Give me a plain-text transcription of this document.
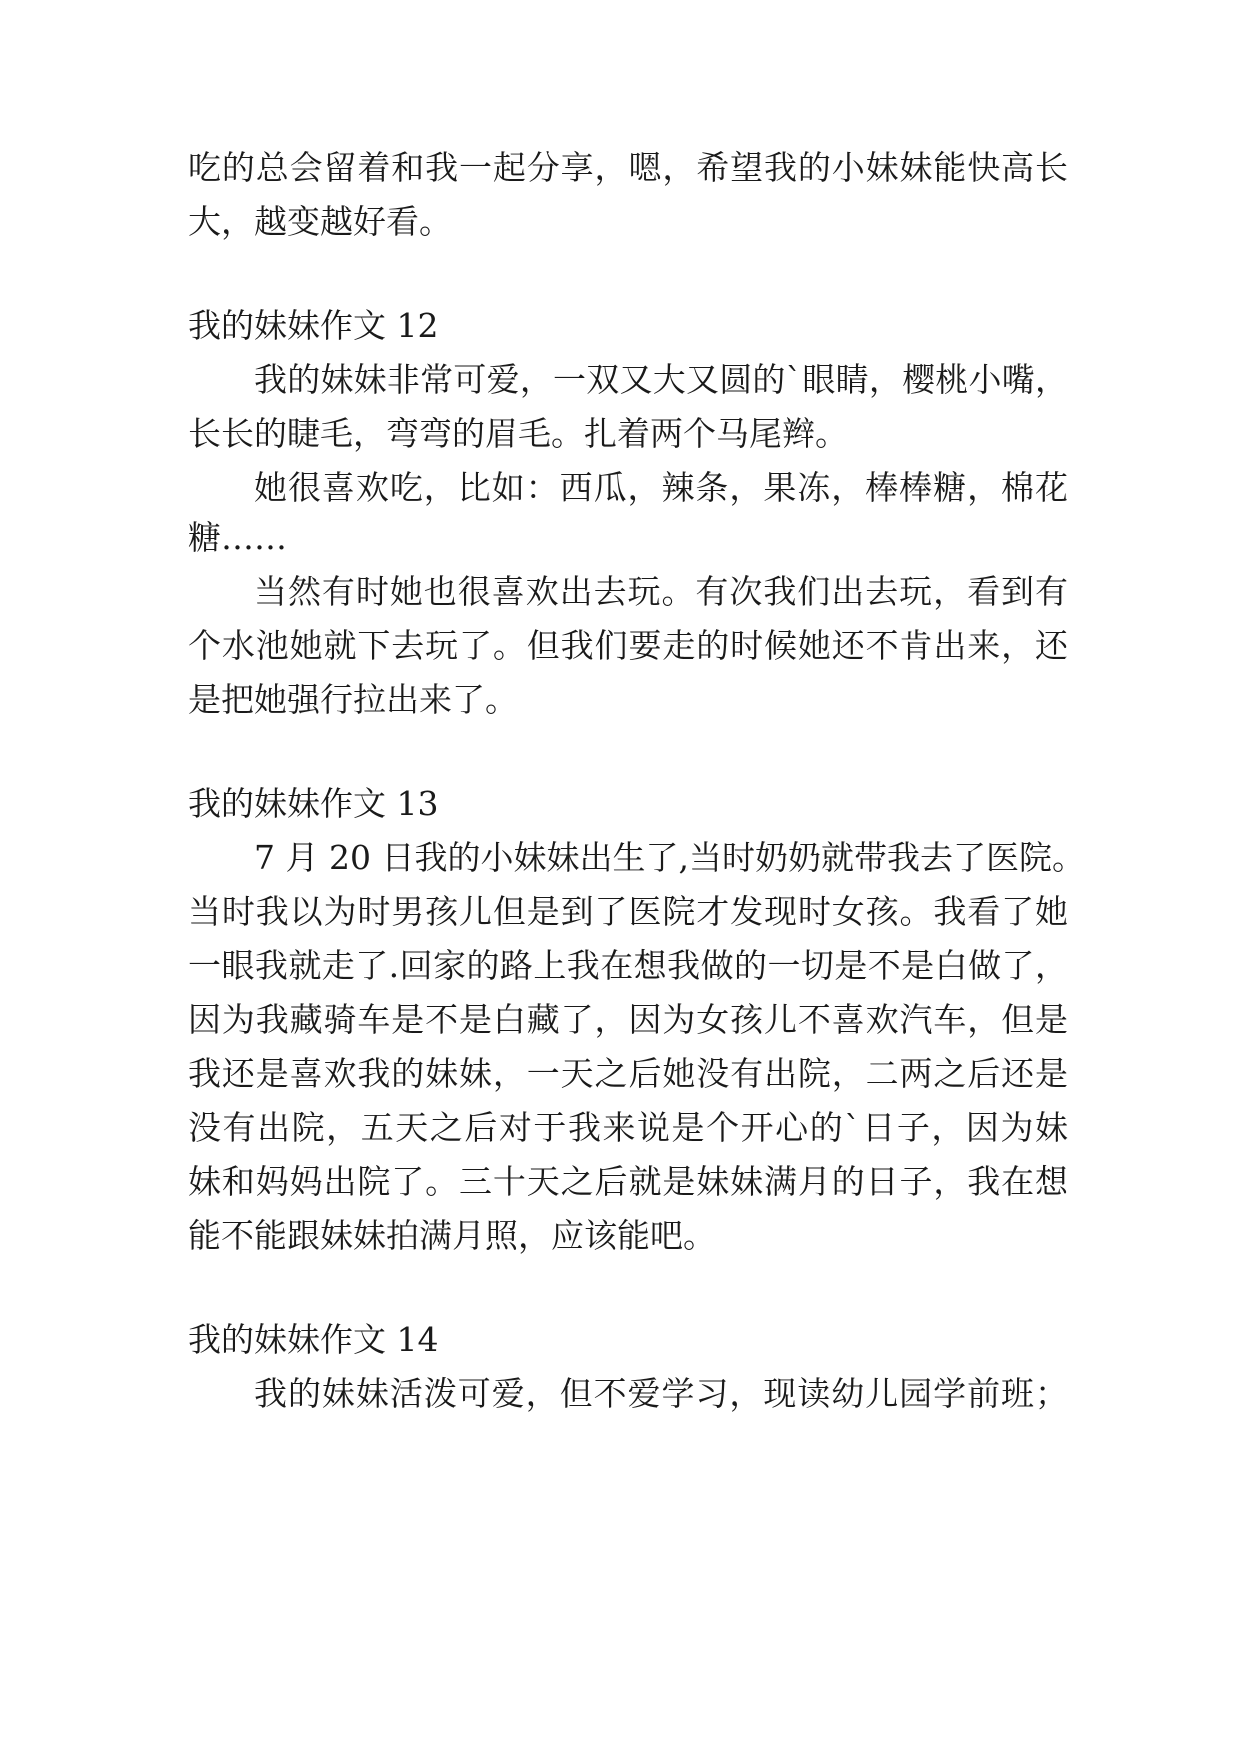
吃的总会留着和我一起分享，嗯，希望我的小妹妹能快高长
大，越变越好看。
我的妹妹作文 12
我的妹妹非常可爱，一双又大又圆的`眼睛，樱桃小嘴，
长长的睫毛，弯弯的眉毛。扎着两个马尾辫。
她很喜欢吃，比如：西瓜，辣条，果冻，棒棒糖，棉花
糖……
当然有时她也很喜欢出去玩。有次我们出去玩，看到有
个水池她就下去玩了。但我们要走的时候她还不肯出来，还
是把她强行拉出来了。
我的妹妹作文 13
7 月 20 日我的小妹妹出生了,当时奶奶就带我去了医院。
当时我以为时男孩儿但是到了医院才发现时女孩。我看了她
一眼我就走了.回家的路上我在想我做的一切是不是白做了，
因为我藏骑车是不是白藏了，因为女孩儿不喜欢汽车，但是
我还是喜欢我的妹妹，一天之后她没有出院，二两之后还是
没有出院，五天之后对于我来说是个开心的`日子，因为妹
妹和妈妈出院了。三十天之后就是妹妹满月的日子，我在想
能不能跟妹妹拍满月照，应该能吧。
我的妹妹作文 14
我的妹妹活泼可爱，但不爱学习，现读幼儿园学前班；
